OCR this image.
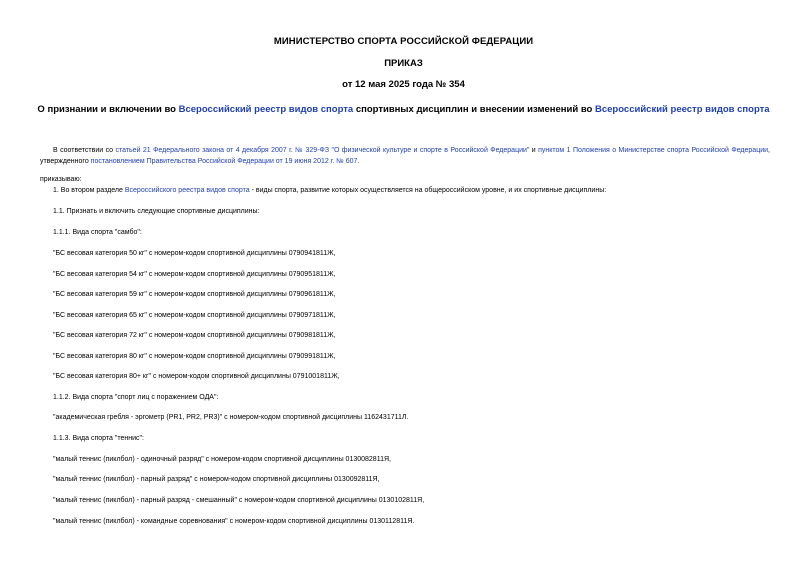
МИНИСТЕРСТВО СПОРТА РОССИЙСКОЙ ФЕДЕРАЦИИ
ПРИКАЗ
от 12 мая 2025 года № 354
О признании и включении во Всероссийский реестр видов спорта спортивных дисциплин и внесении изменений во Всероссийский реестр видов спорта
В соответствии со статьей 21 Федерального закона от 4 декабря 2007 г. № 329-ФЗ "О физической культуре и спорте в Российской Федерации" и пунктом 1 Положения о Министерстве спорта Российской Федерации, утвержденного постановлением Правительства Российской Федерации от 19 июня 2012 г. № 607.
приказываю:
1. Во втором разделе Всероссийского реестра видов спорта - виды спорта, развитие которых осуществляется на общероссийском уровне, и их спортивные дисциплины:
1.1. Признать и включить следующие спортивные дисциплины:
1.1.1. Вида спорта "самбо":
"БС весовая категория 50 кг" с номером-кодом спортивной дисциплины 0790941811Ж,
"БС весовая категория 54 кг" с номером-кодом спортивной дисциплины 0790951811Ж,
"БС весовая категория 59 кг" с номером-кодом спортивной дисциплины 0790961811Ж,
"БС весовая категория 65 кг" с номером-кодом спортивной дисциплины 0790971811Ж,
"БС весовая категория 72 кг" с номером-кодом спортивной дисциплины 0790981811Ж,
"БС весовая категория 80 кг" с номером-кодом спортивной дисциплины 0790991811Ж,
"БС весовая категория 80+ кг" с номером-кодом спортивной дисциплины 0791001811Ж,
1.1.2. Вида спорта "спорт лиц с поражением ОДА":
"академическая гребля - эргометр (PR1, PR2, PR3)" с номером-кодом спортивной дисциплины 1162431711Л.
1.1.3. Вида спорта "теннис":
"малый теннис (пиклбол) - одиночный разряд" с номером-кодом спортивной дисциплины 0130082811Я,
"малый теннис (пиклбол) - парный разряд" с номером-кодом спортивной дисциплины 0130092811Я,
"малый теннис (пиклбол) - парный разряд - смешанный" с номером-кодом спортивной дисциплины 0130102811Я,
"малый теннис (пиклбол) - командные соревнования" с номером-кодом спортивной дисциплины 0130112811Я.
